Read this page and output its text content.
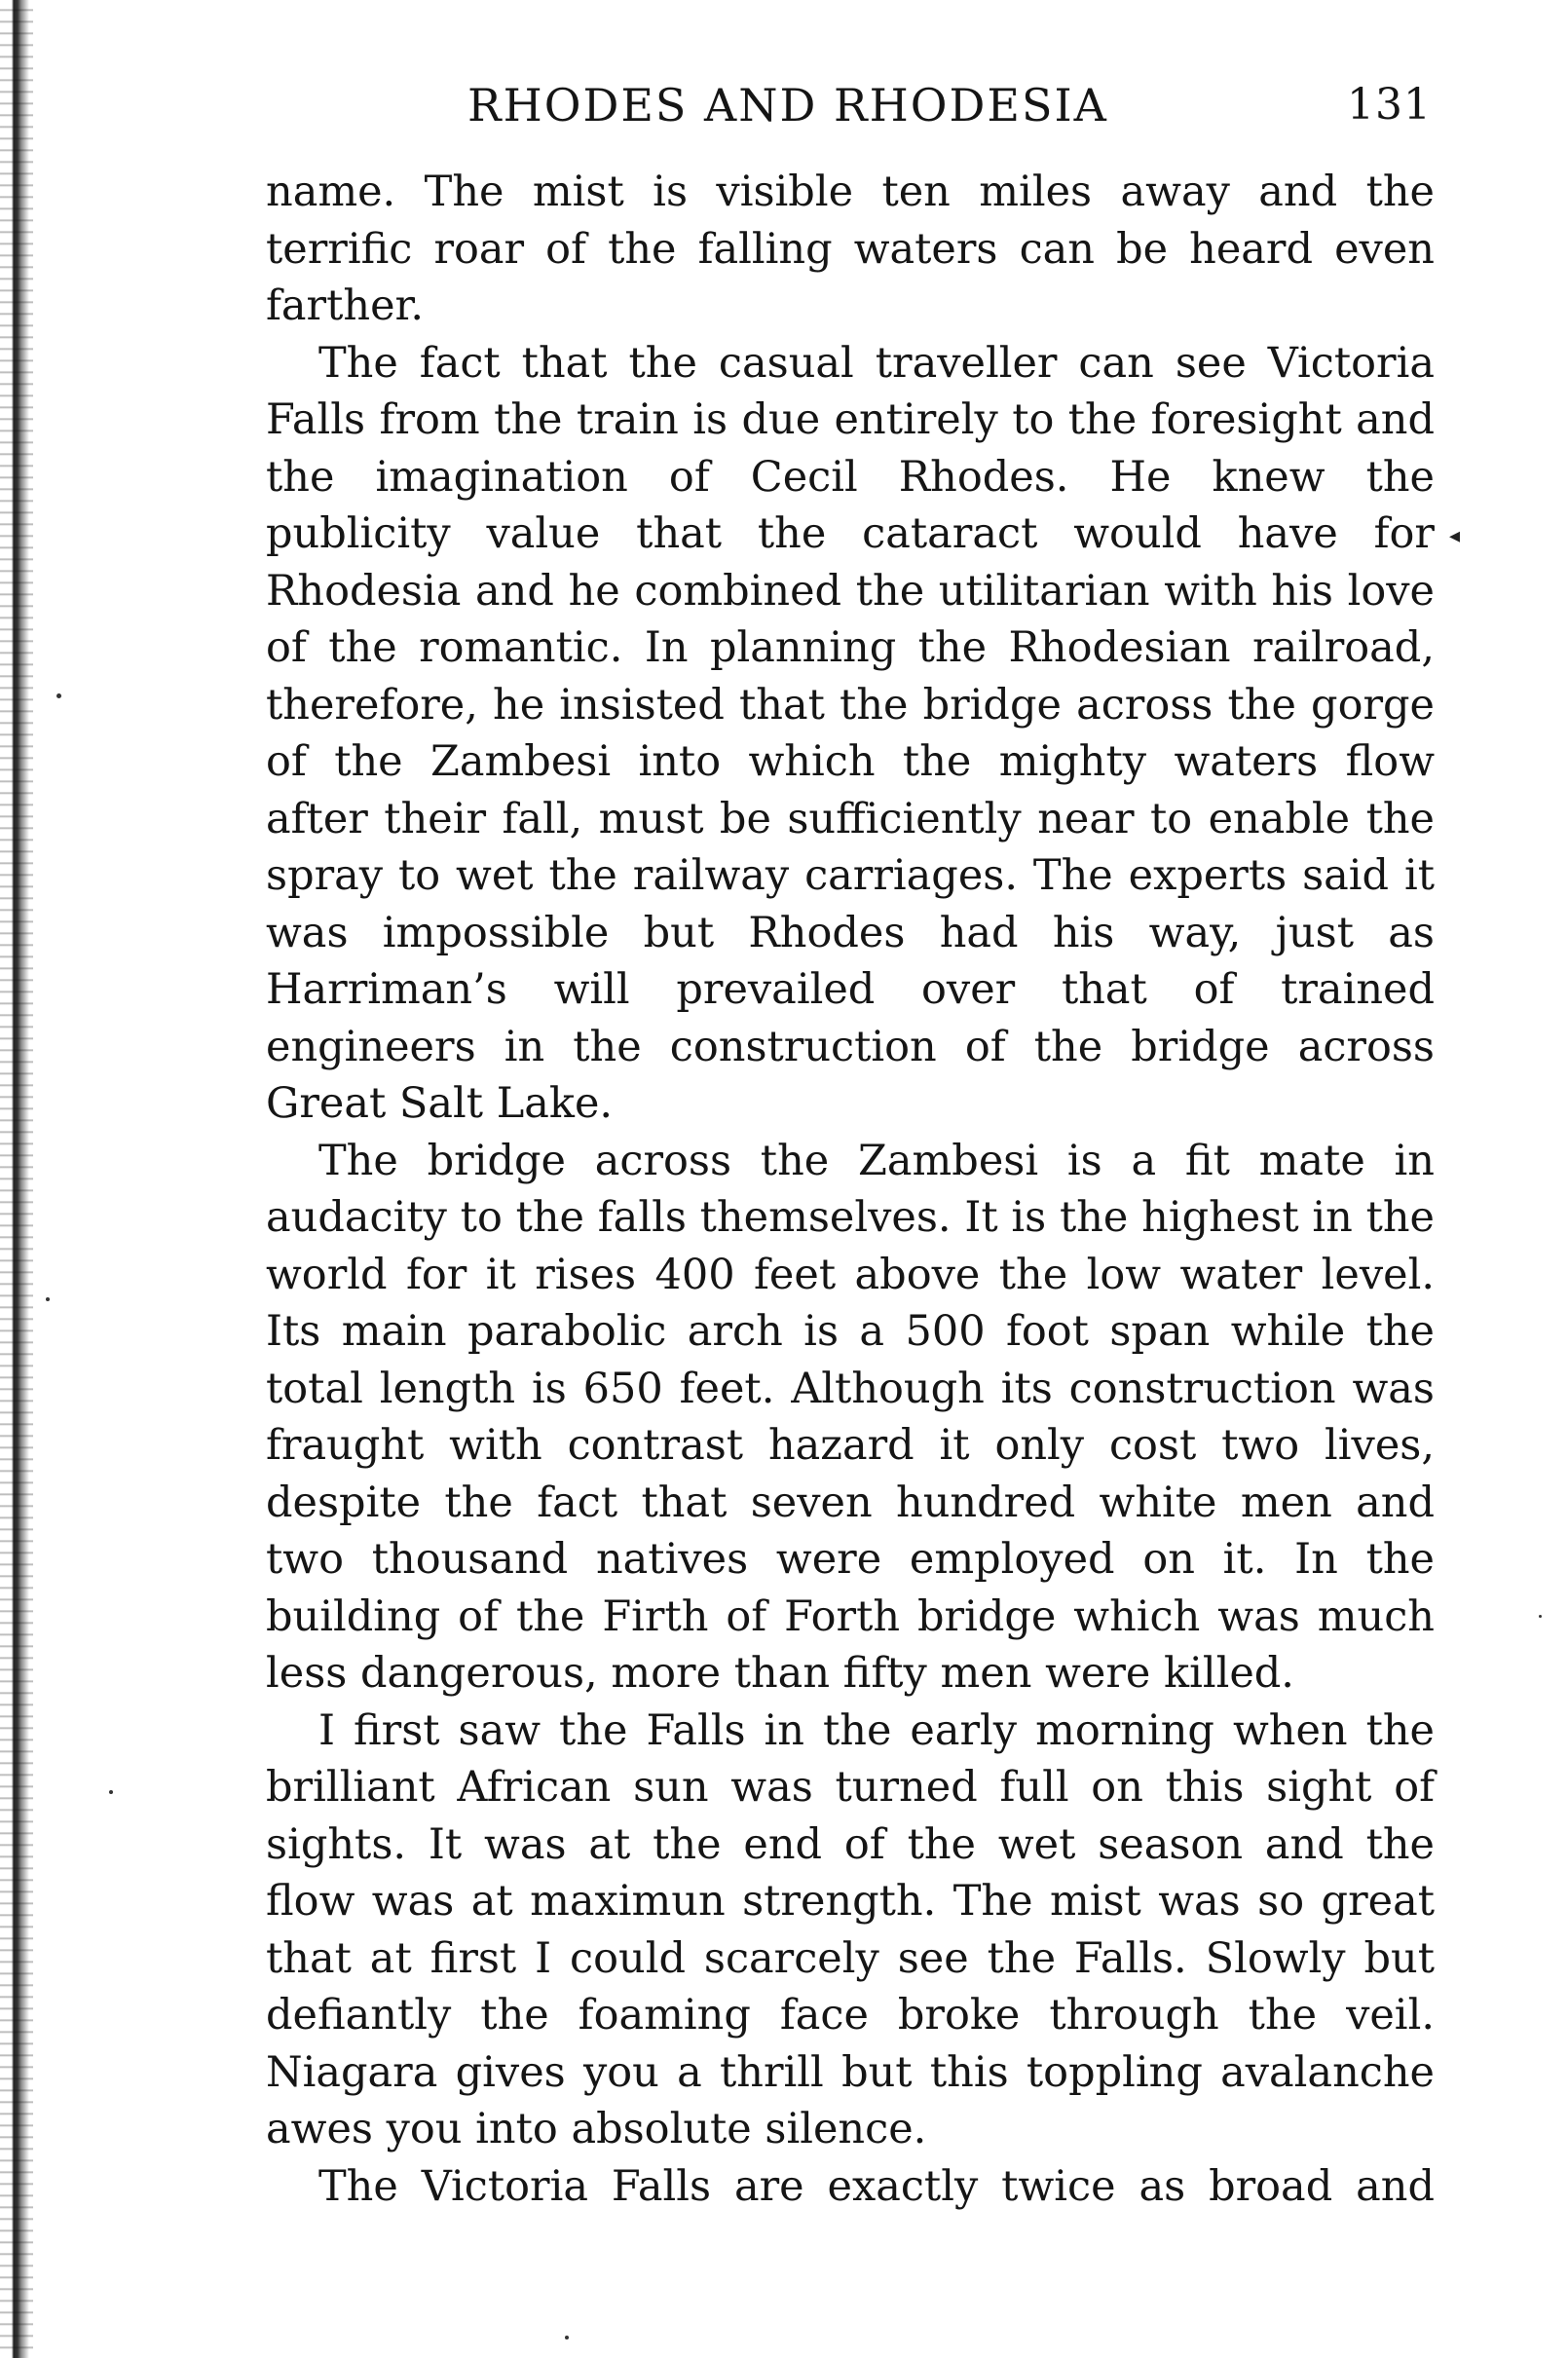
◂
RHODES AND RHODESIA	131

name. The mist is visible ten miles away and the terrific roar of the falling waters can be heard even farther.

The fact that the casual traveller can see Victoria Falls from the train is due entirely to the foresight and the imagination of Cecil Rhodes. He knew the publicity value that the cataract would have for Rhodesia and he combined the utilitarian with his love of the romantic. In planning the Rhodesian railroad, therefore, he insisted that the bridge across the gorge of the Zambesi into which the mighty waters flow after their fall, must be sufficiently near to enable the spray to wet the railway carriages. The experts said it was impossible but Rhodes had his way, just as Harriman’s will prevailed over that of trained engineers in the construction of the bridge across Great Salt Lake.

The bridge across the Zambesi is a fit mate in audacity to the falls themselves. It is the highest in the world for it rises 400 feet above the low water level. Its main parabolic arch is a 500 foot span while the total length is 650 feet. Although its construction was fraught with contrast hazard it only cost two lives, despite the fact that seven hundred white men and two thousand natives were employed on it. In the building of the Firth of Forth bridge which was much less dangerous, more than fifty men were killed.

I first saw the Falls in the early morning when the brilliant African sun was turned full on this sight of sights. It was at the end of the wet season and the flow was at maximun strength. The mist was so great that at first I could scarcely see the Falls. Slowly but defiantly the foaming face broke through the veil. Niagara gives you a thrill but this toppling avalanche awes you into absolute silence.

The Victoria Falls are exactly twice as broad and
